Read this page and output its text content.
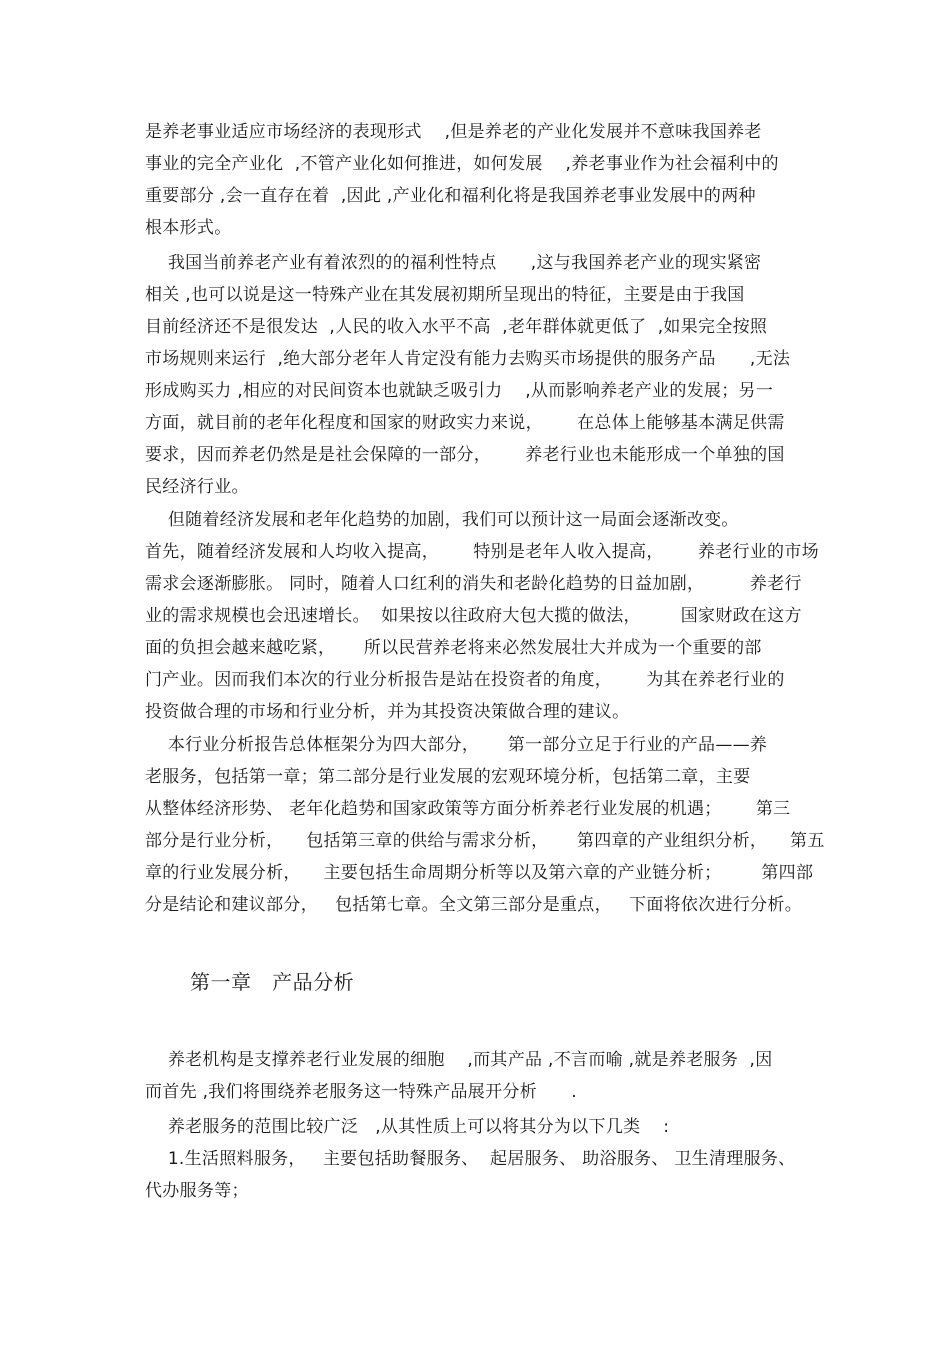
是养老事业适应市场经济的表现形式    ,但是养老的产业化发展并不意味我国养老
事业的完全产业化  ,不管产业化如何推进，如何发展    ,养老事业作为社会福利中的
重要部分 ,会一直存在着  ,因此 ,产业化和福利化将是我国养老事业发展中的两种
根本形式。
我国当前养老产业有着浓烈的的福利性特点      ,这与我国养老产业的现实紧密
相关 ,也可以说是这一特殊产业在其发展初期所呈现出的特征，主要是由于我国
目前经济还不是很发达  ,人民的收入水平不高  ,老年群体就更低了  ,如果完全按照
市场规则来运行  ,绝大部分老年人肯定没有能力去购买市场提供的服务产品      ,无法
形成购买力 ,相应的对民间资本也就缺乏吸引力    ,从而影响养老产业的发展；另一
方面，就目前的老年化程度和国家的财政实力来说，      在总体上能够基本满足供需
要求，因而养老仍然是是社会保障的一部分，      养老行业也未能形成一个单独的国
民经济行业。
但随着经济发展和老年化趋势的加剧，我们可以预计这一局面会逐渐改变。
首先，随着经济发展和人均收入提高，      特别是老年人收入提高，      养老行业的市场
需求会逐渐膨胀。 同时，随着人口红利的消失和老龄化趋势的日益加剧，        养老行
业的需求规模也会迅速增长。  如果按以往政府大包大揽的做法，       国家财政在这方
面的负担会越来越吃紧，     所以民营养老将来必然发展壮大并成为一个重要的部
门产业。因而我们本次的行业分析报告是站在投资者的角度，      为其在养老行业的
投资做合理的市场和行业分析，并为其投资决策做合理的建议。
本行业分析报告总体框架分为四大部分，     第一部分立足于行业的产品——养
老服务，包括第一章；第二部分是行业发展的宏观环境分析，包括第二章，主要
从整体经济形势、 老年化趋势和国家政策等方面分析养老行业发展的机遇；      第三
部分是行业分析，    包括第三章的供给与需求分析，     第四章的产业组织分析，    第五
章的行业发展分析，    主要包括生命周期分析等以及第六章的产业链分析；       第四部
分是结论和建议部分，   包括第七章。全文第三部分是重点，   下面将依次进行分析。
第一章   产品分析
养老机构是支撑养老行业发展的细胞    ,而其产品 ,不言而喻 ,就是养老服务  ,因
而首先 ,我们将围绕养老服务这一特殊产品展开分析      .
养老服务的范围比较广泛   ,从其性质上可以将其分为以下几类    :
1.生活照料服务，   主要包括助餐服务、  起居服务、 助浴服务、 卫生清理服务、
代办服务等；
